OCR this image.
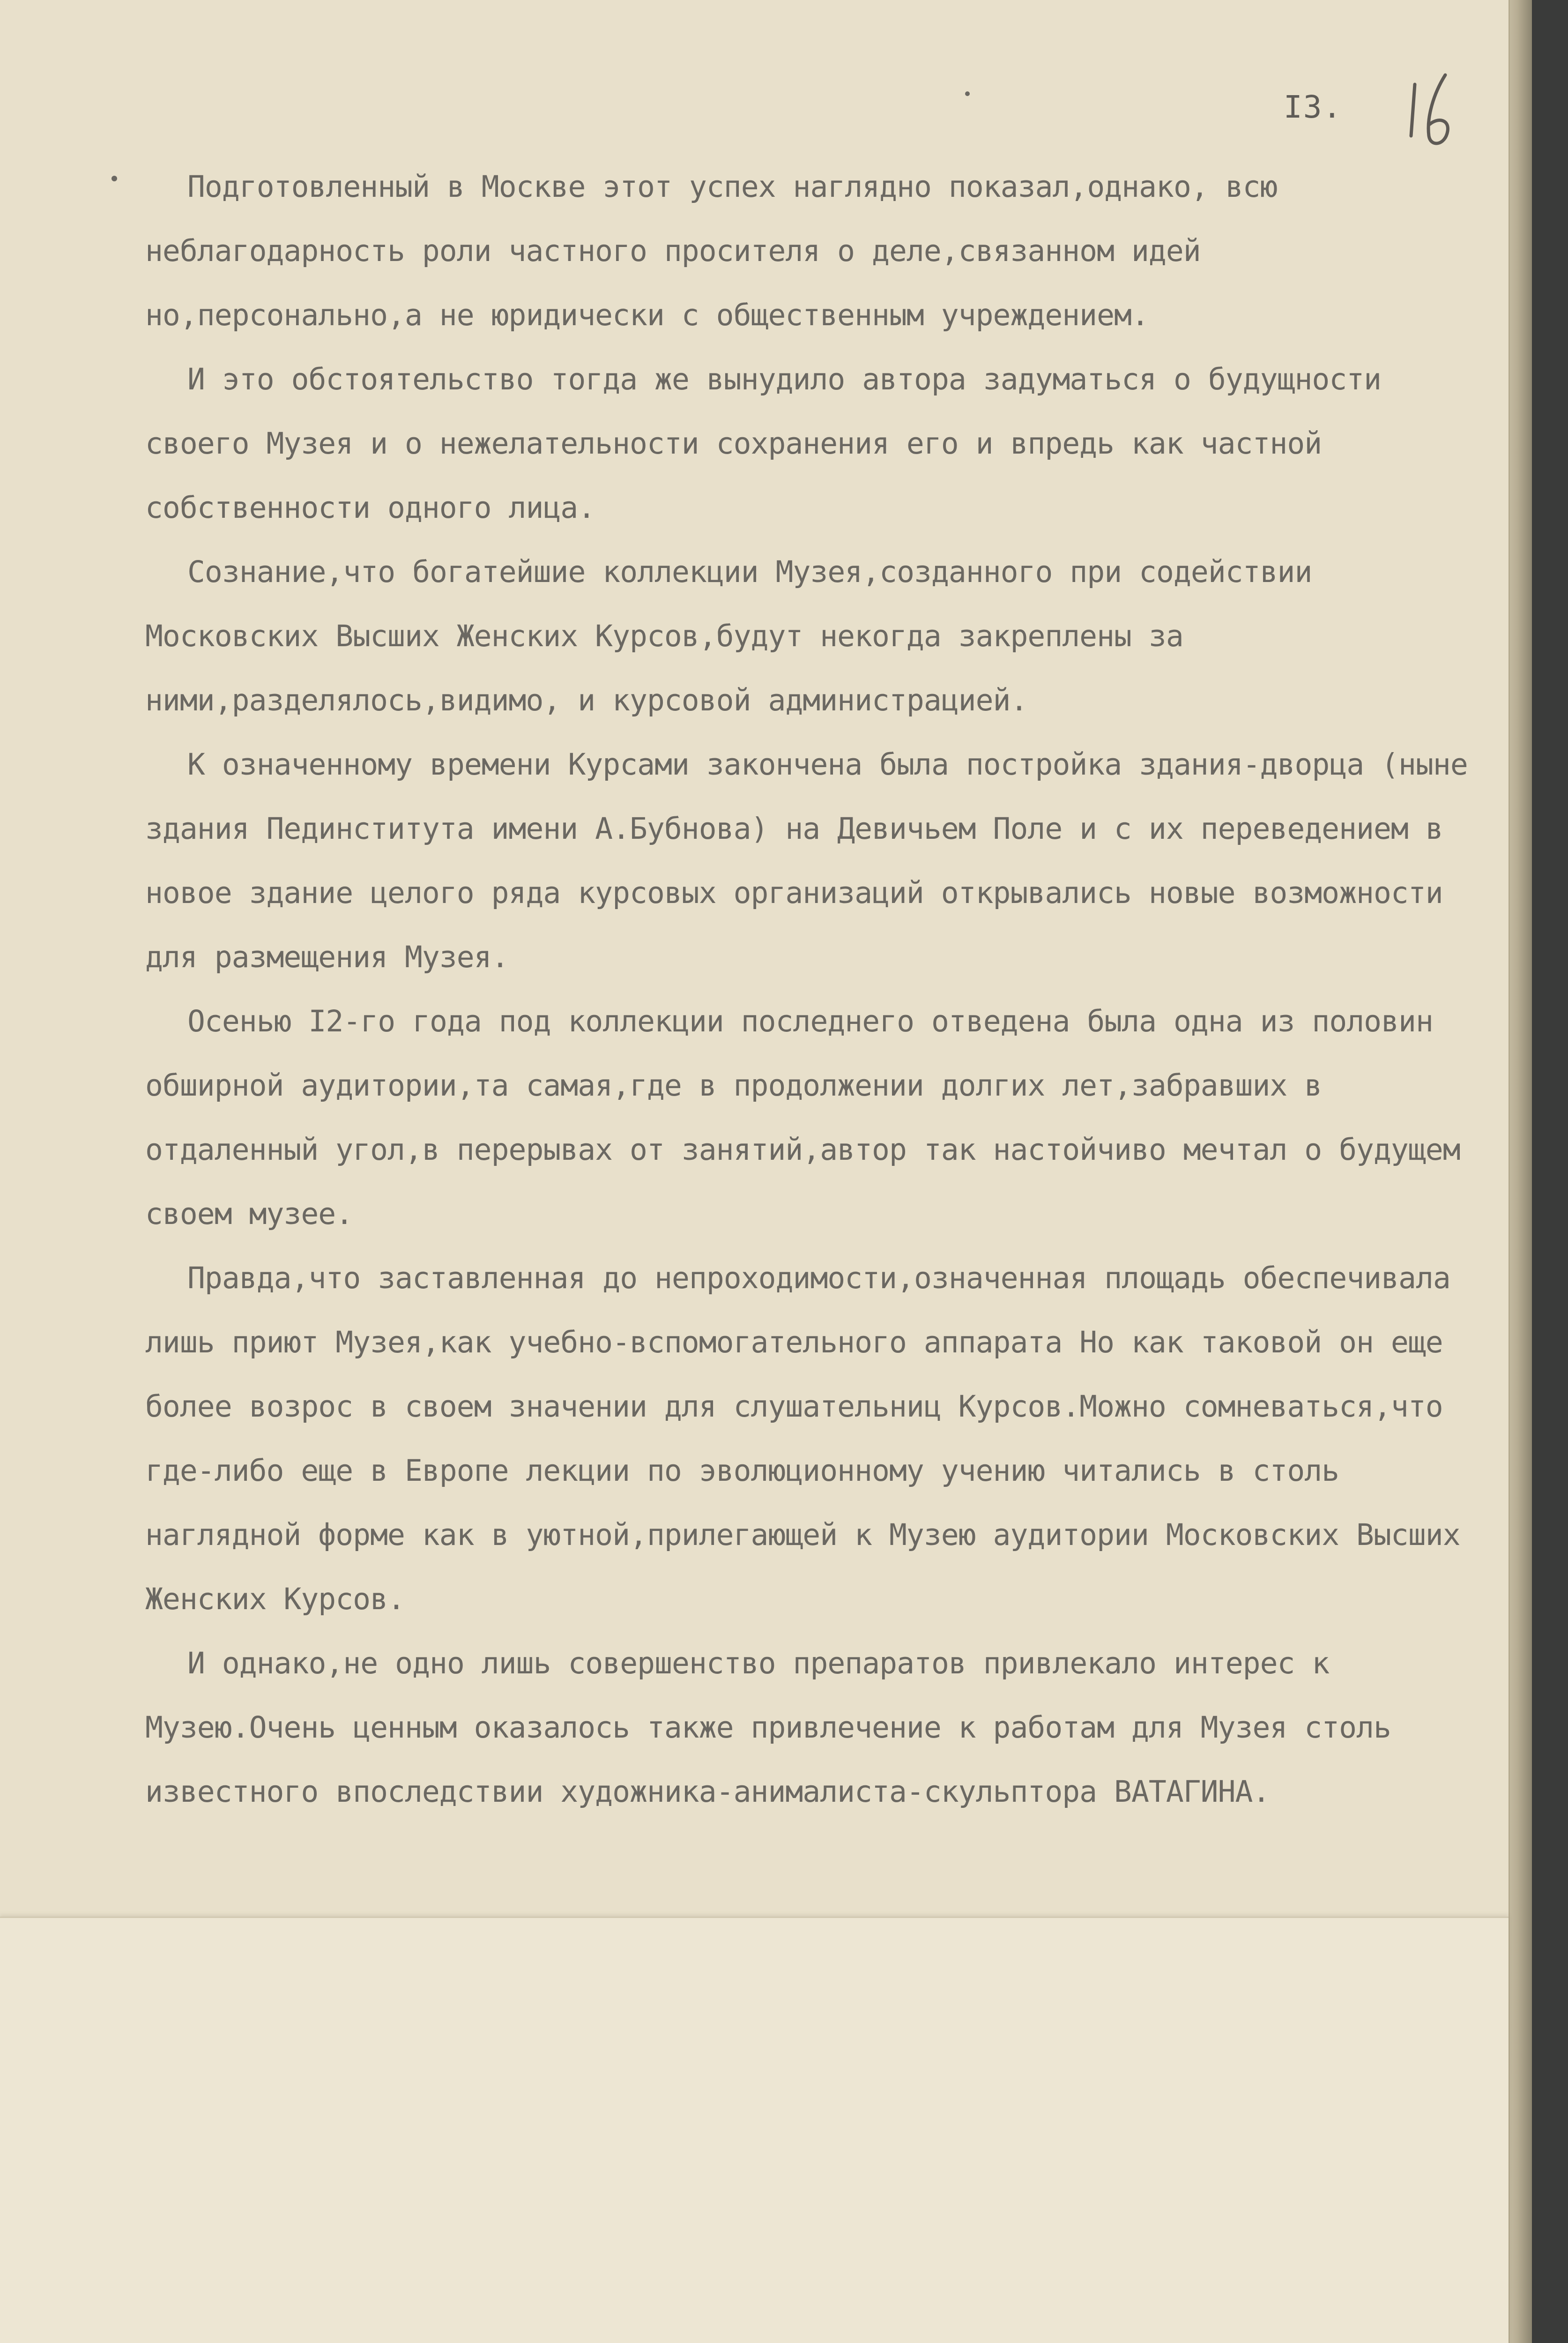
I3.

Подготовленный в Москве этот успех наглядно показал,однако, всю неблагодарность роли частного просителя о деле,связанном идей но,персонально,а не юридически с общественным учреждением.

И это обстоятельство тогда же вынудило автора задуматься о будущности своего Музея и о нежелательности сохранения его и впредь как частной собственности одного лица.

Сознание,что богатейшие коллекции Музея,созданного при содействии Московских Высших Женских Курсов,будут некогда закреплены за ними,разделялось,видимо, и курсовой администрацией.

К означенному времени Курсами закончена была постройка здания-дворца (ныне здания Пединститута имени А.Бубнова) на Девичьем Поле и с их переведением в новое здание целого ряда курсовых организаций открывались новые возможности для размещения Музея.

Осенью I2-го года под коллекции последнего отведена была одна из половин обширной аудитории,та самая,где в продолжении долгих лет,забравших в отдаленный угол,в перерывах от занятий,автор так настойчиво мечтал о будущем своем музее.

Правда,что заставленная до непроходимости,означенная площадь обеспечивала лишь приют Музея,как учебно-вспомогательного аппарата Но как таковой он еще более возрос в своем значении для слушательниц Курсов.Можно сомневаться,что где-либо еще в Европе лекции по эволюционному учению читались в столь наглядной форме как в уютной,прилегающей к Музею аудитории Московских Высших Женских Курсов.

И однако,не одно лишь совершенство препаратов привлекало интерес к Музею.Очень ценным оказалось также привлечение к работам для Музея столь известного впоследствии художника-анималиста-скульптора ВАТАГИНА.
